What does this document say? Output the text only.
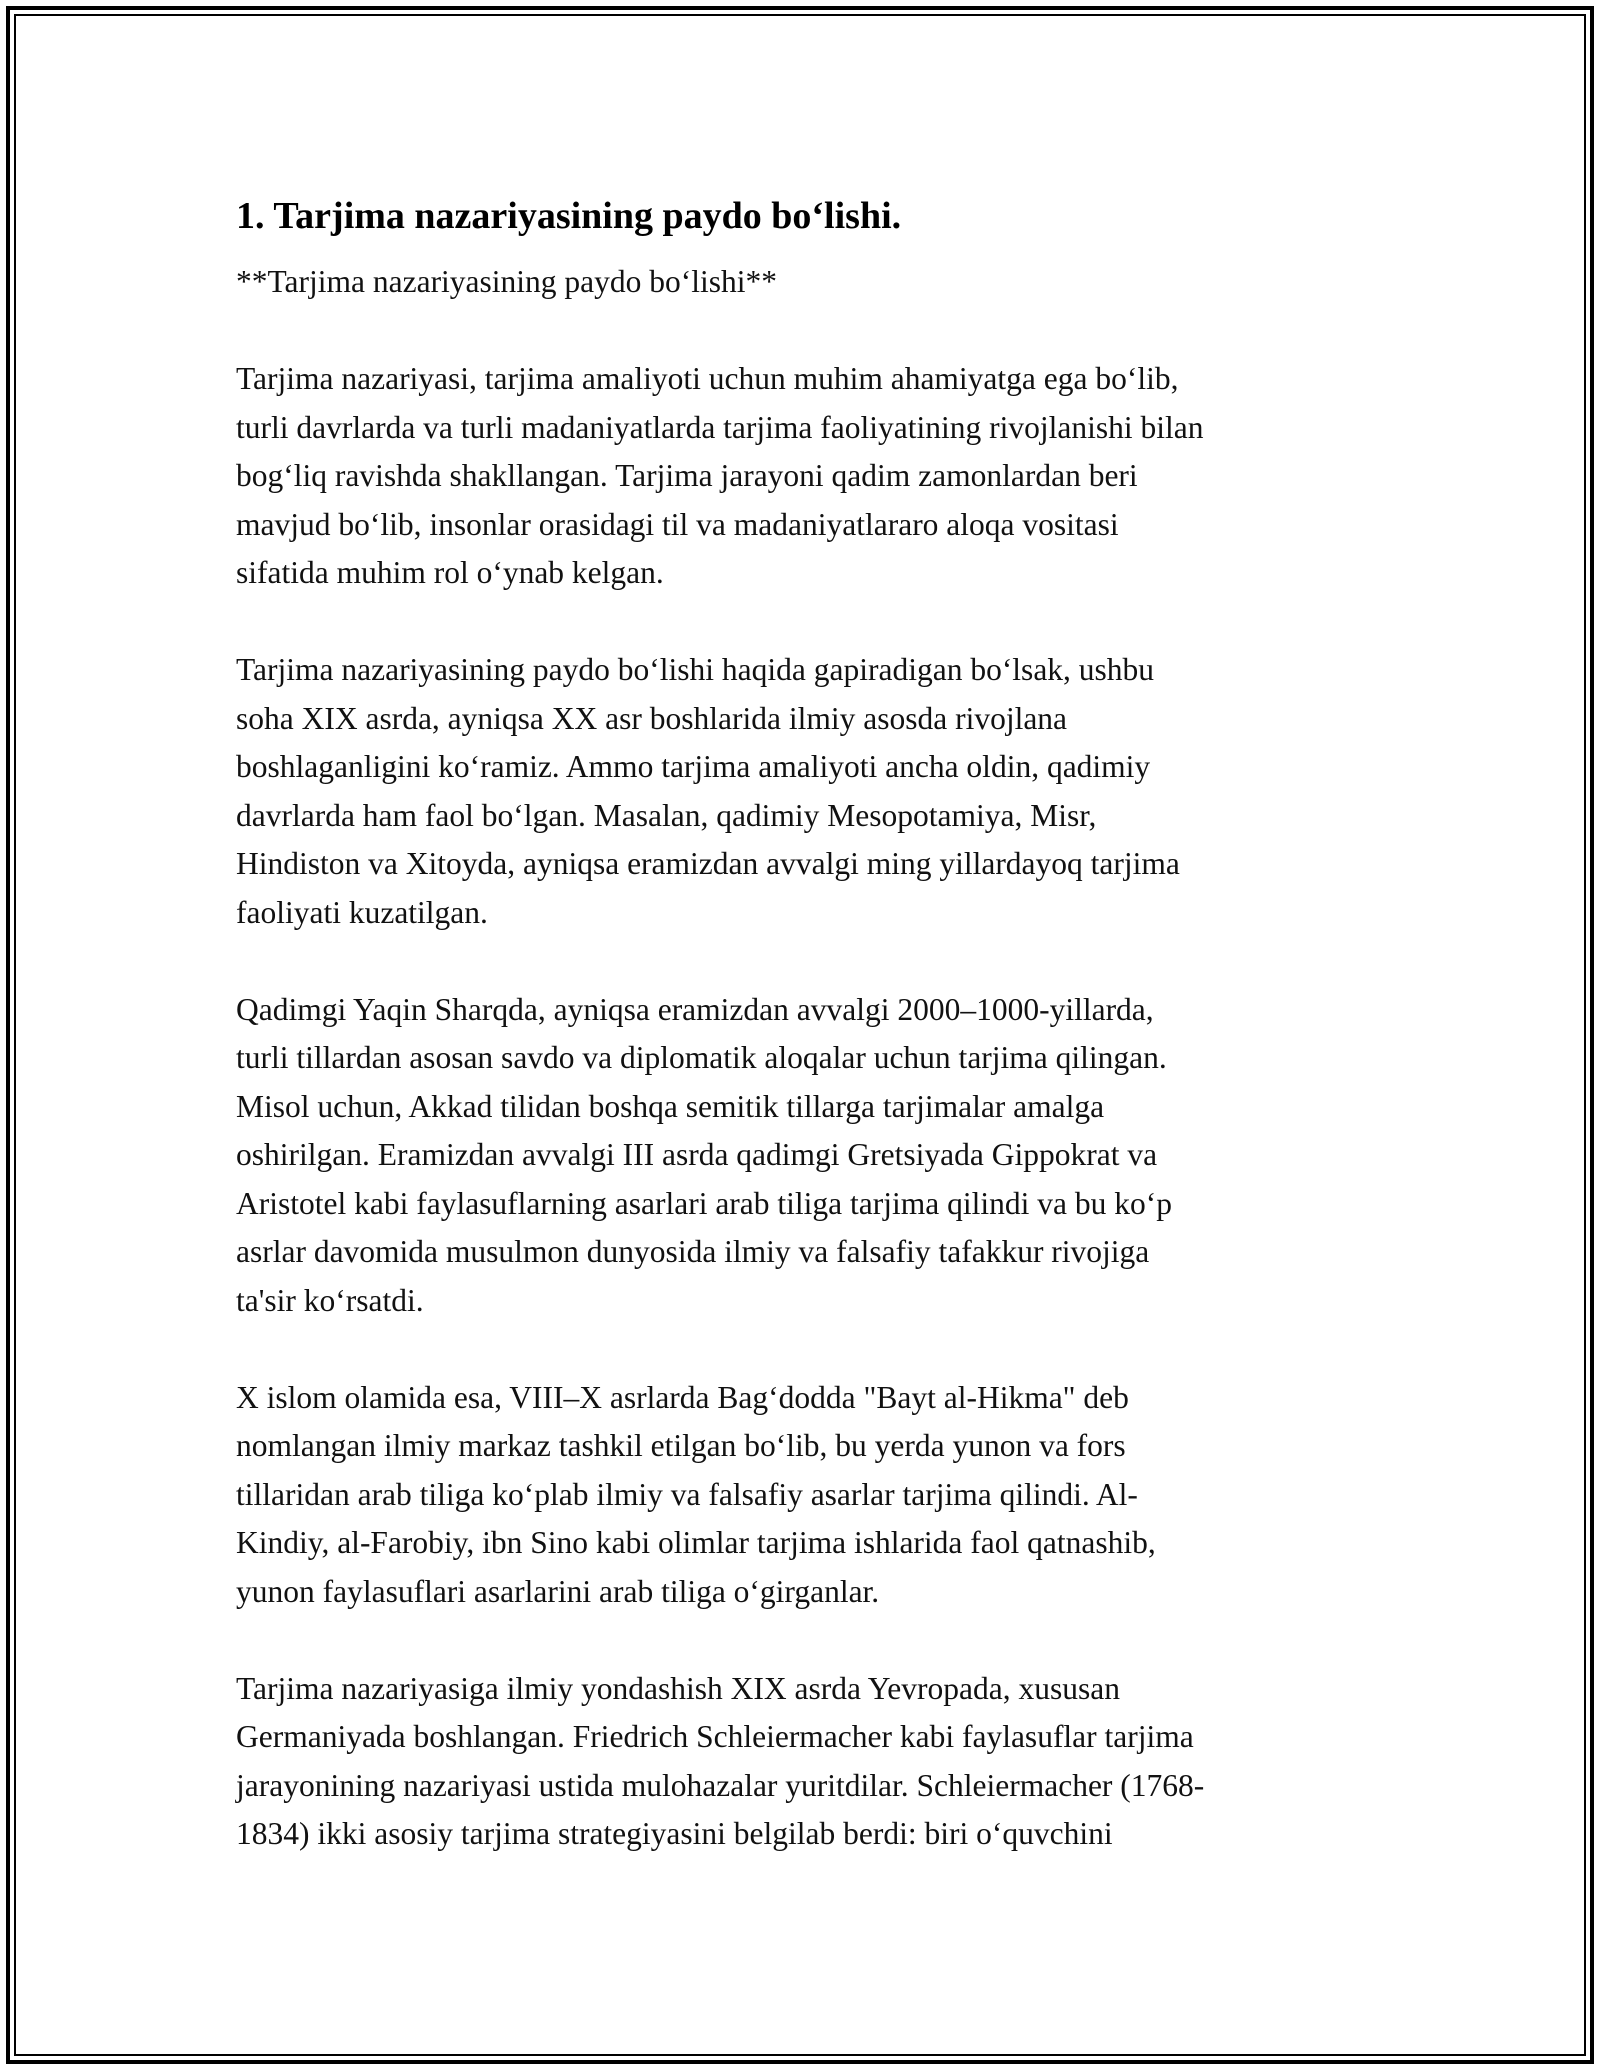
1. Tarjima nazariyasining paydo bo‘lishi.
**Tarjima nazariyasining paydo bo‘lishi**

Tarjima nazariyasi, tarjima amaliyoti uchun muhim ahamiyatga ega bo‘lib,
turli davrlarda va turli madaniyatlarda tarjima faoliyatining rivojlanishi bilan
bog‘liq ravishda shakllangan. Tarjima jarayoni qadim zamonlardan beri
mavjud bo‘lib, insonlar orasidagi til va madaniyatlararo aloqa vositasi
sifatida muhim rol o‘ynab kelgan.

Tarjima nazariyasining paydo bo‘lishi haqida gapiradigan bo‘lsak, ushbu
soha XIX asrda, ayniqsa XX asr boshlarida ilmiy asosda rivojlana
boshlaganligini ko‘ramiz. Ammo tarjima amaliyoti ancha oldin, qadimiy
davrlarda ham faol bo‘lgan. Masalan, qadimiy Mesopotamiya, Misr,
Hindiston va Xitoyda, ayniqsa eramizdan avvalgi ming yillardayoq tarjima
faoliyati kuzatilgan.

Qadimgi Yaqin Sharqda, ayniqsa eramizdan avvalgi 2000–1000-yillarda,
turli tillardan asosan savdo va diplomatik aloqalar uchun tarjima qilingan.
Misol uchun, Akkad tilidan boshqa semitik tillarga tarjimalar amalga
oshirilgan. Eramizdan avvalgi III asrda qadimgi Gretsiyada Gippokrat va
Aristotel kabi faylasuflarning asarlari arab tiliga tarjima qilindi va bu ko‘p
asrlar davomida musulmon dunyosida ilmiy va falsafiy tafakkur rivojiga
ta'sir ko‘rsatdi.

X islom olamida esa, VIII–X asrlarda Bag‘dodda "Bayt al-Hikma" deb
nomlangan ilmiy markaz tashkil etilgan bo‘lib, bu yerda yunon va fors
tillaridan arab tiliga ko‘plab ilmiy va falsafiy asarlar tarjima qilindi. Al-
Kindiy, al-Farobiy, ibn Sino kabi olimlar tarjima ishlarida faol qatnashib,
yunon faylasuflari asarlarini arab tiliga o‘girganlar.

Tarjima nazariyasiga ilmiy yondashish XIX asrda Yevropada, xususan
Germaniyada boshlangan. Friedrich Schleiermacher kabi faylasuflar tarjima
jarayonining nazariyasi ustida mulohazalar yuritdilar. Schleiermacher (1768-
1834) ikki asosiy tarjima strategiyasini belgilab berdi: biri o‘quvchini
